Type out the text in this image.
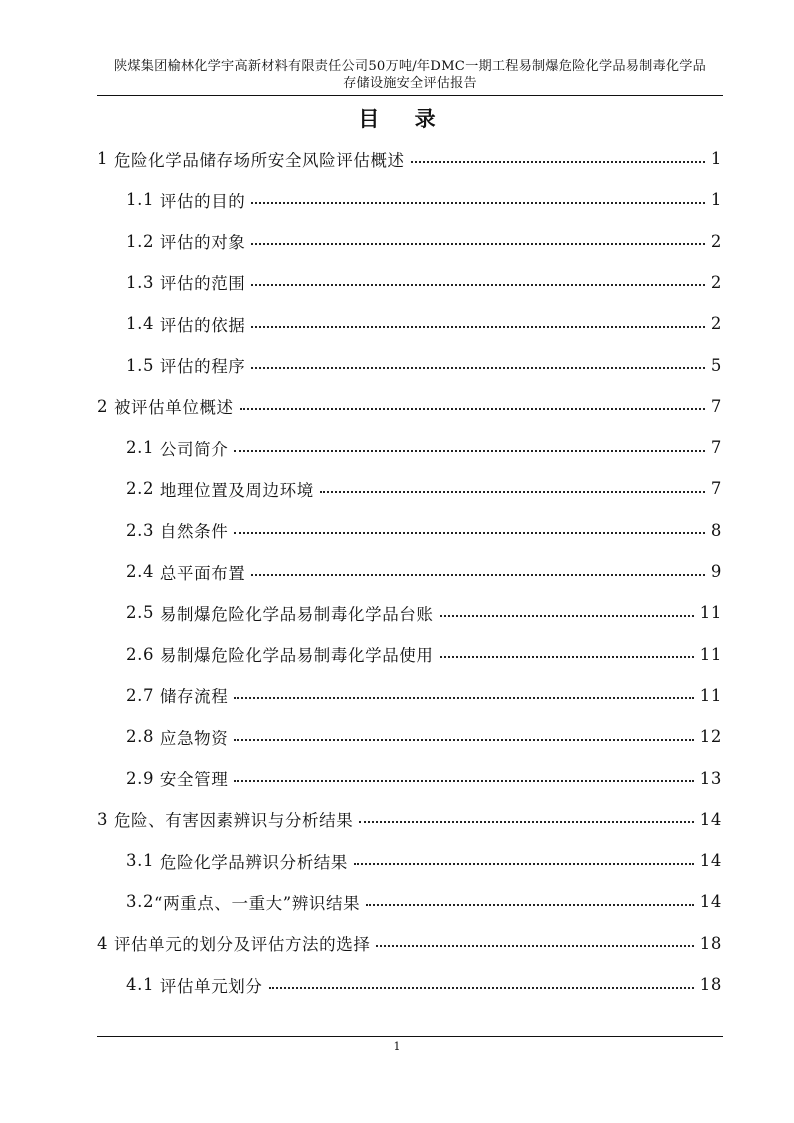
陕煤集团榆林化学宇高新材料有限责任公司50万吨/年DMC一期工程易制爆危险化学品易制毒化学品
存储设施安全评估报告
目 录
1 危险化学品储存场所安全风险评估概述	1
1.1 评估的目的	1
1.2 评估的对象	2
1.3 评估的范围	2
1.4 评估的依据	2
1.5 评估的程序	5
2 被评估单位概述	7
2.1 公司简介	7
2.2 地理位置及周边环境	7
2.3 自然条件	8
2.4 总平面布置	9
2.5 易制爆危险化学品易制毒化学品台账	11
2.6 易制爆危险化学品易制毒化学品使用	11
2.7 储存流程	11
2.8 应急物资	12
2.9 安全管理	13
3 危险、有害因素辨识与分析结果	14
3.1 危险化学品辨识分析结果	14
3.2 “两重点、一重大”辨识结果	14
4 评估单元的划分及评估方法的选择	18
4.1 评估单元划分	18
1
